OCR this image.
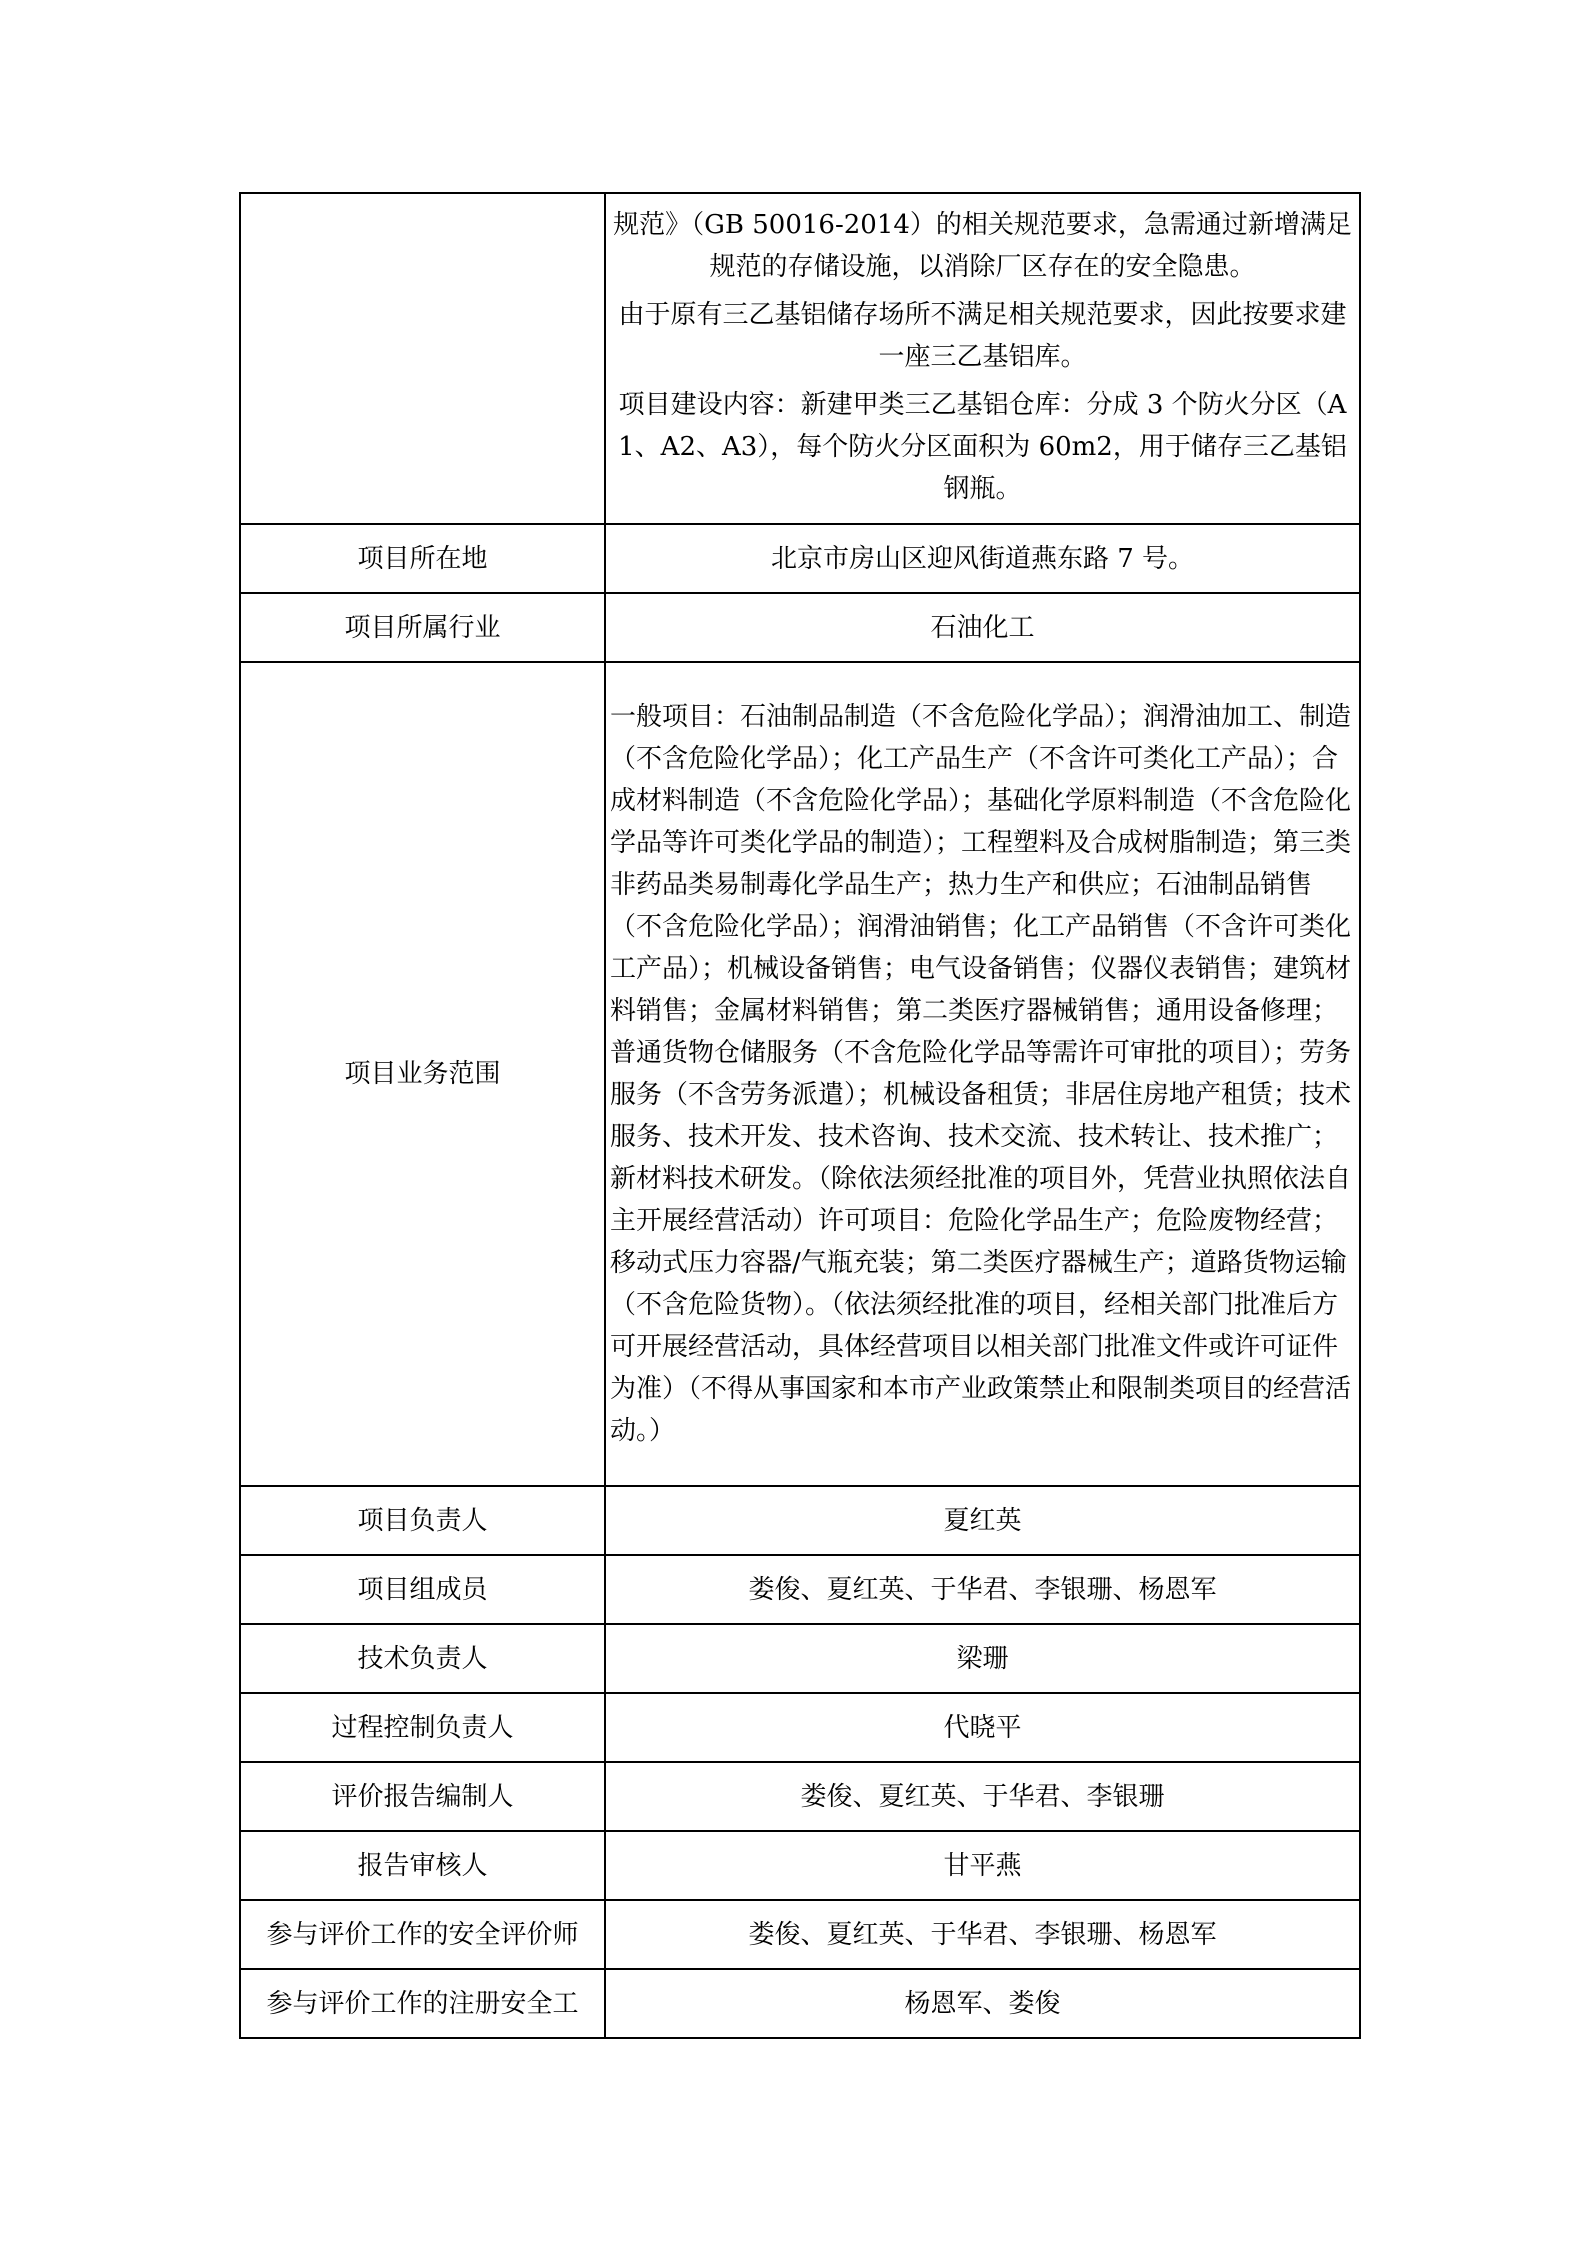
	规范》（GB 50016-2014）的相关规范要求，急需通过新增满足规范的存储设施，以消除厂区存在的安全隐患。

由于原有三乙基铝储存场所不满足相关规范要求，因此按要求建一座三乙基铝库。

项目建设内容：新建甲类三乙基铝仓库：分成 3 个防火分区（A1、A2、A3），每个防火分区面积为 60m2，用于储存三乙基铝钢瓶。

项目所在地	北京市房山区迎风街道燕东路 7 号。
项目所属行业	石油化工
项目业务范围	一般项目：石油制品制造（不含危险化学品）；润滑油加工、制造（不含危险化学品）；化工产品生产（不含许可类化工产品）；合成材料制造（不含危险化学品）；基础化学原料制造（不含危险化学品等许可类化学品的制造）；工程塑料及合成树脂制造；第三类非药品类易制毒化学品生产；热力生产和供应；石油制品销售（不含危险化学品）；润滑油销售；化工产品销售（不含许可类化工产品）；机械设备销售；电气设备销售；仪器仪表销售；建筑材料销售；金属材料销售；第二类医疗器械销售；通用设备修理；普通货物仓储服务（不含危险化学品等需许可审批的项目）；劳务服务（不含劳务派遣）；机械设备租赁；非居住房地产租赁；技术服务、技术开发、技术咨询、技术交流、技术转让、技术推广；新材料技术研发。（除依法须经批准的项目外，凭营业执照依法自主开展经营活动）许可项目：危险化学品生产；危险废物经营；移动式压力容器/气瓶充装；第二类医疗器械生产；道路货物运输（不含危险货物）。（依法须经批准的项目，经相关部门批准后方可开展经营活动，具体经营项目以相关部门批准文件或许可证件为准）（不得从事国家和本市产业政策禁止和限制类项目的经营活动。）
项目负责人	夏红英
项目组成员	娄俊、夏红英、于华君、李银珊、杨恩军
技术负责人	梁珊
过程控制负责人	代晓平
评价报告编制人	娄俊、夏红英、于华君、李银珊
报告审核人	甘平燕
参与评价工作的安全评价师	娄俊、夏红英、于华君、李银珊、杨恩军
参与评价工作的注册安全工	杨恩军、娄俊
